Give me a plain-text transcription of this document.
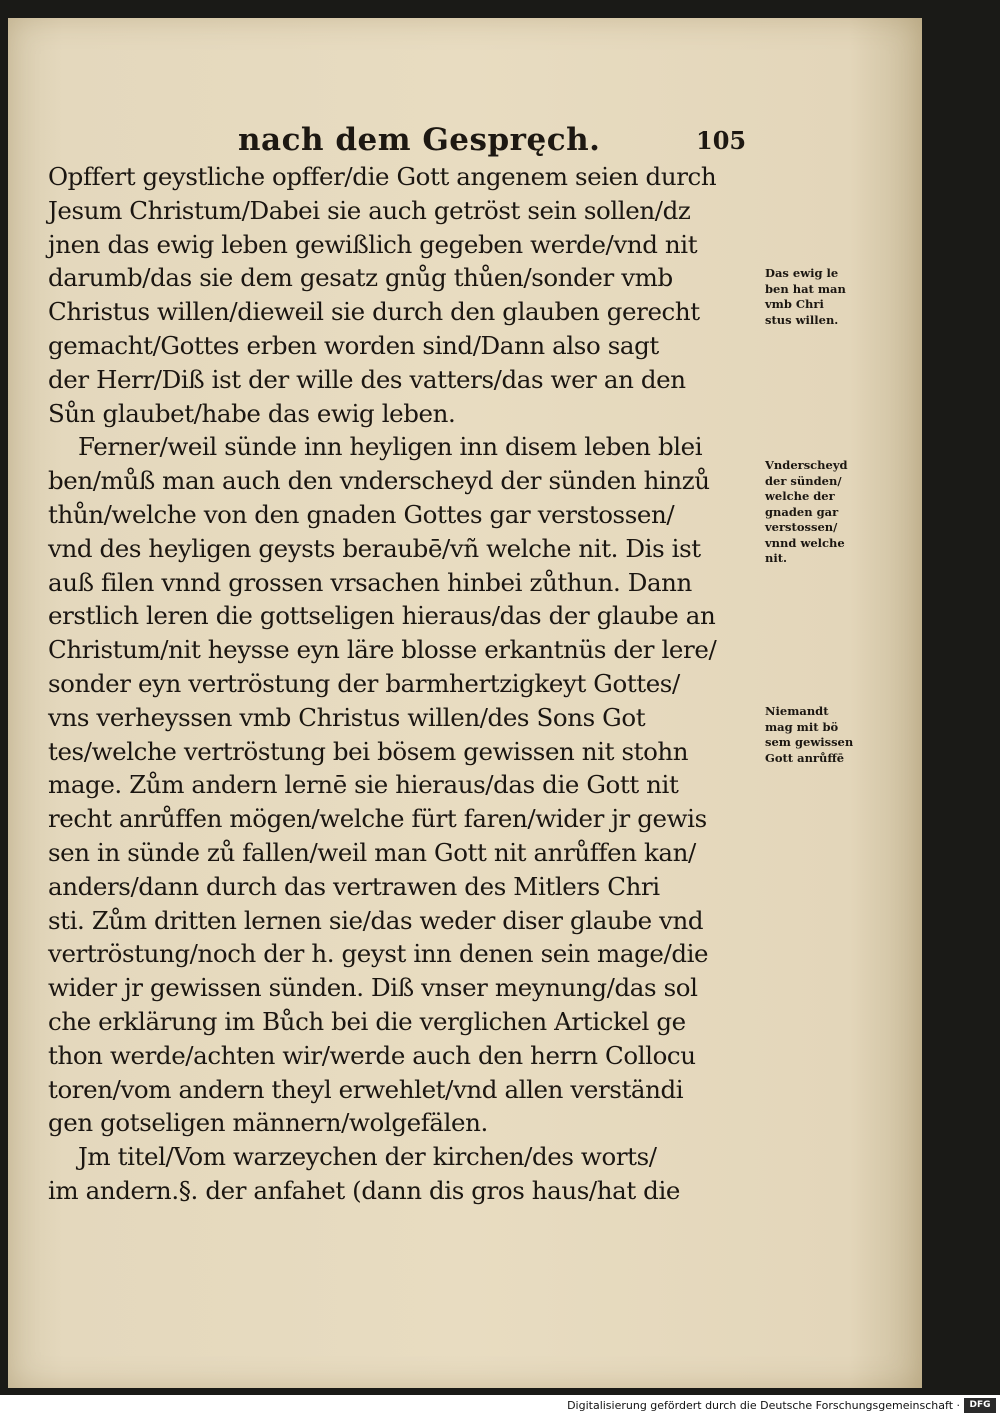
nach dem Gespręch.	105
Opffert geystliche opffer/die Gott angenem seien durch
Jesum Christum/Dabei sie auch getröst sein sollen/dz
jnen das ewig leben gewißlich gegeben werde/vnd nit
darumb/das sie dem gesatz gnůg thůen/sonder vmb
Christus willen/dieweil sie durch den glauben gerecht
gemacht/Gottes erben worden sind/Dann also sagt
der Herr/Diß ist der wille des vatters/das wer an den
Sůn glaubet/habe das ewig leben.
Ferner/weil sünde inn heyligen inn disem leben blei
ben/můß man auch den vnderscheyd der sünden hinzů
thůn/welche von den gnaden Gottes gar verstossen/
vnd des heyligen geysts beraubē/vñ welche nit. Dis ist
auß filen vnnd grossen vrsachen hinbei zůthun. Dann
erstlich leren die gottseligen hieraus/das der glaube an
Christum/nit heysse eyn läre blosse erkantnüs der lere/
sonder eyn vertröstung der barmhertzigkeyt Gottes/
vns verheyssen vmb Christus willen/des Sons Got
tes/welche vertröstung bei bösem gewissen nit stohn
mage. Zům andern lernē sie hieraus/das die Gott nit
recht anrůffen mögen/welche fürt faren/wider jr gewis
sen in sünde zů fallen/weil man Gott nit anrůffen kan/
anders/dann durch das vertrawen des Mitlers Chri
sti. Zům dritten lernen sie/das weder diser glaube vnd
vertröstung/noch der h. geyst inn denen sein mage/die
wider jr gewissen sünden. Diß vnser meynung/das sol
che erklärung im Bůch bei die verglichen Artickel ge
thon werde/achten wir/werde auch den herrn Collocu
toren/vom andern theyl erwehlet/vnd allen verständi
gen gotseligen männern/wolgefälen.
Jm titel/Vom warzeychen der kirchen/des worts/
im andern.§. der anfahet (dann dis gros haus/hat die
Das ewig le
ben hat man
vmb Chri
stus willen.
Vnderscheyd
der sünden/
welche der
gnaden gar
verstossen/
vnnd welche
nit.
Niemandt
mag mit bö
sem gewissen
Gott anrůffē
Digitalisierung gefördert durch die Deutsche Forschungsgemeinschaft ·	DFG
